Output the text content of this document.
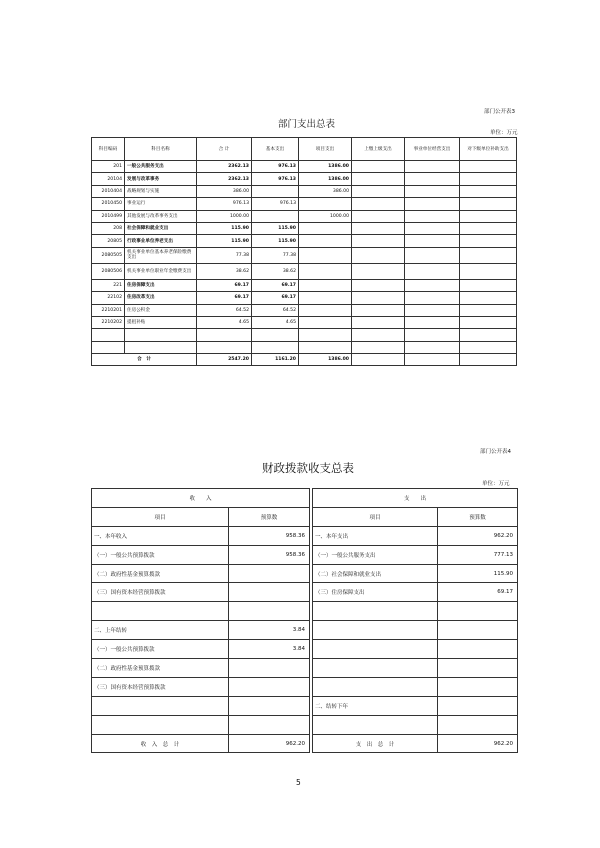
部门公开表3
部门支出总表
单位：万元
科目编码	科目名称	合 计	基本支出	项目支出	上缴上级支出	事业单位经营支出	对下级单位补助支出
201	一般公共服务支出	2362.13	976.13	1386.00			
20104	发展与改革事务	2362.13	976.13	1386.00			
2010404	战略规划与实施	386.00		386.00			
2010450	事业运行	976.13	976.13				
2010499	其他发展与改革事务支出	1000.00		1000.00			
208	社会保障和就业支出	115.90	115.90				
20805	行政事业单位养老支出	115.90	115.90				
2080505	机关事业单位基本养老保险缴费支出	77.38	77.38				
2080506	机关事业单位职业年金缴费支出	38.62	38.62				
221	住房保障支出	69.17	69.17				
22102	住房改革支出	69.17	69.17				
2210201	住房公积金	64.52	64.52				
2210202	提租补贴	4.65	4.65				

合　计		2547.20	1161.20	1386.00			
部门公开表4
财政拨款收支总表
单位：万元
收　　入			支　　出	
项目	预算数		项目	预算数
一、本年收入	958.36		一、本年支出	962.20
（一）一般公共预算拨款	958.36		（一）一般公共服务支出	777.13
（二）政府性基金预算拨款			（二）社会保障和就业支出	115.90
（三）国有资本经营预算拨款			（三）住房保障支出	69.17

二、上年结转	3.84			
（一）一般公共预算拨款	3.84			
（二）政府性基金预算拨款				
（三）国有资本经营预算拨款				
			二、结转下年	

收　入　总　计	962.20		支　出　总　计	962.20
5
